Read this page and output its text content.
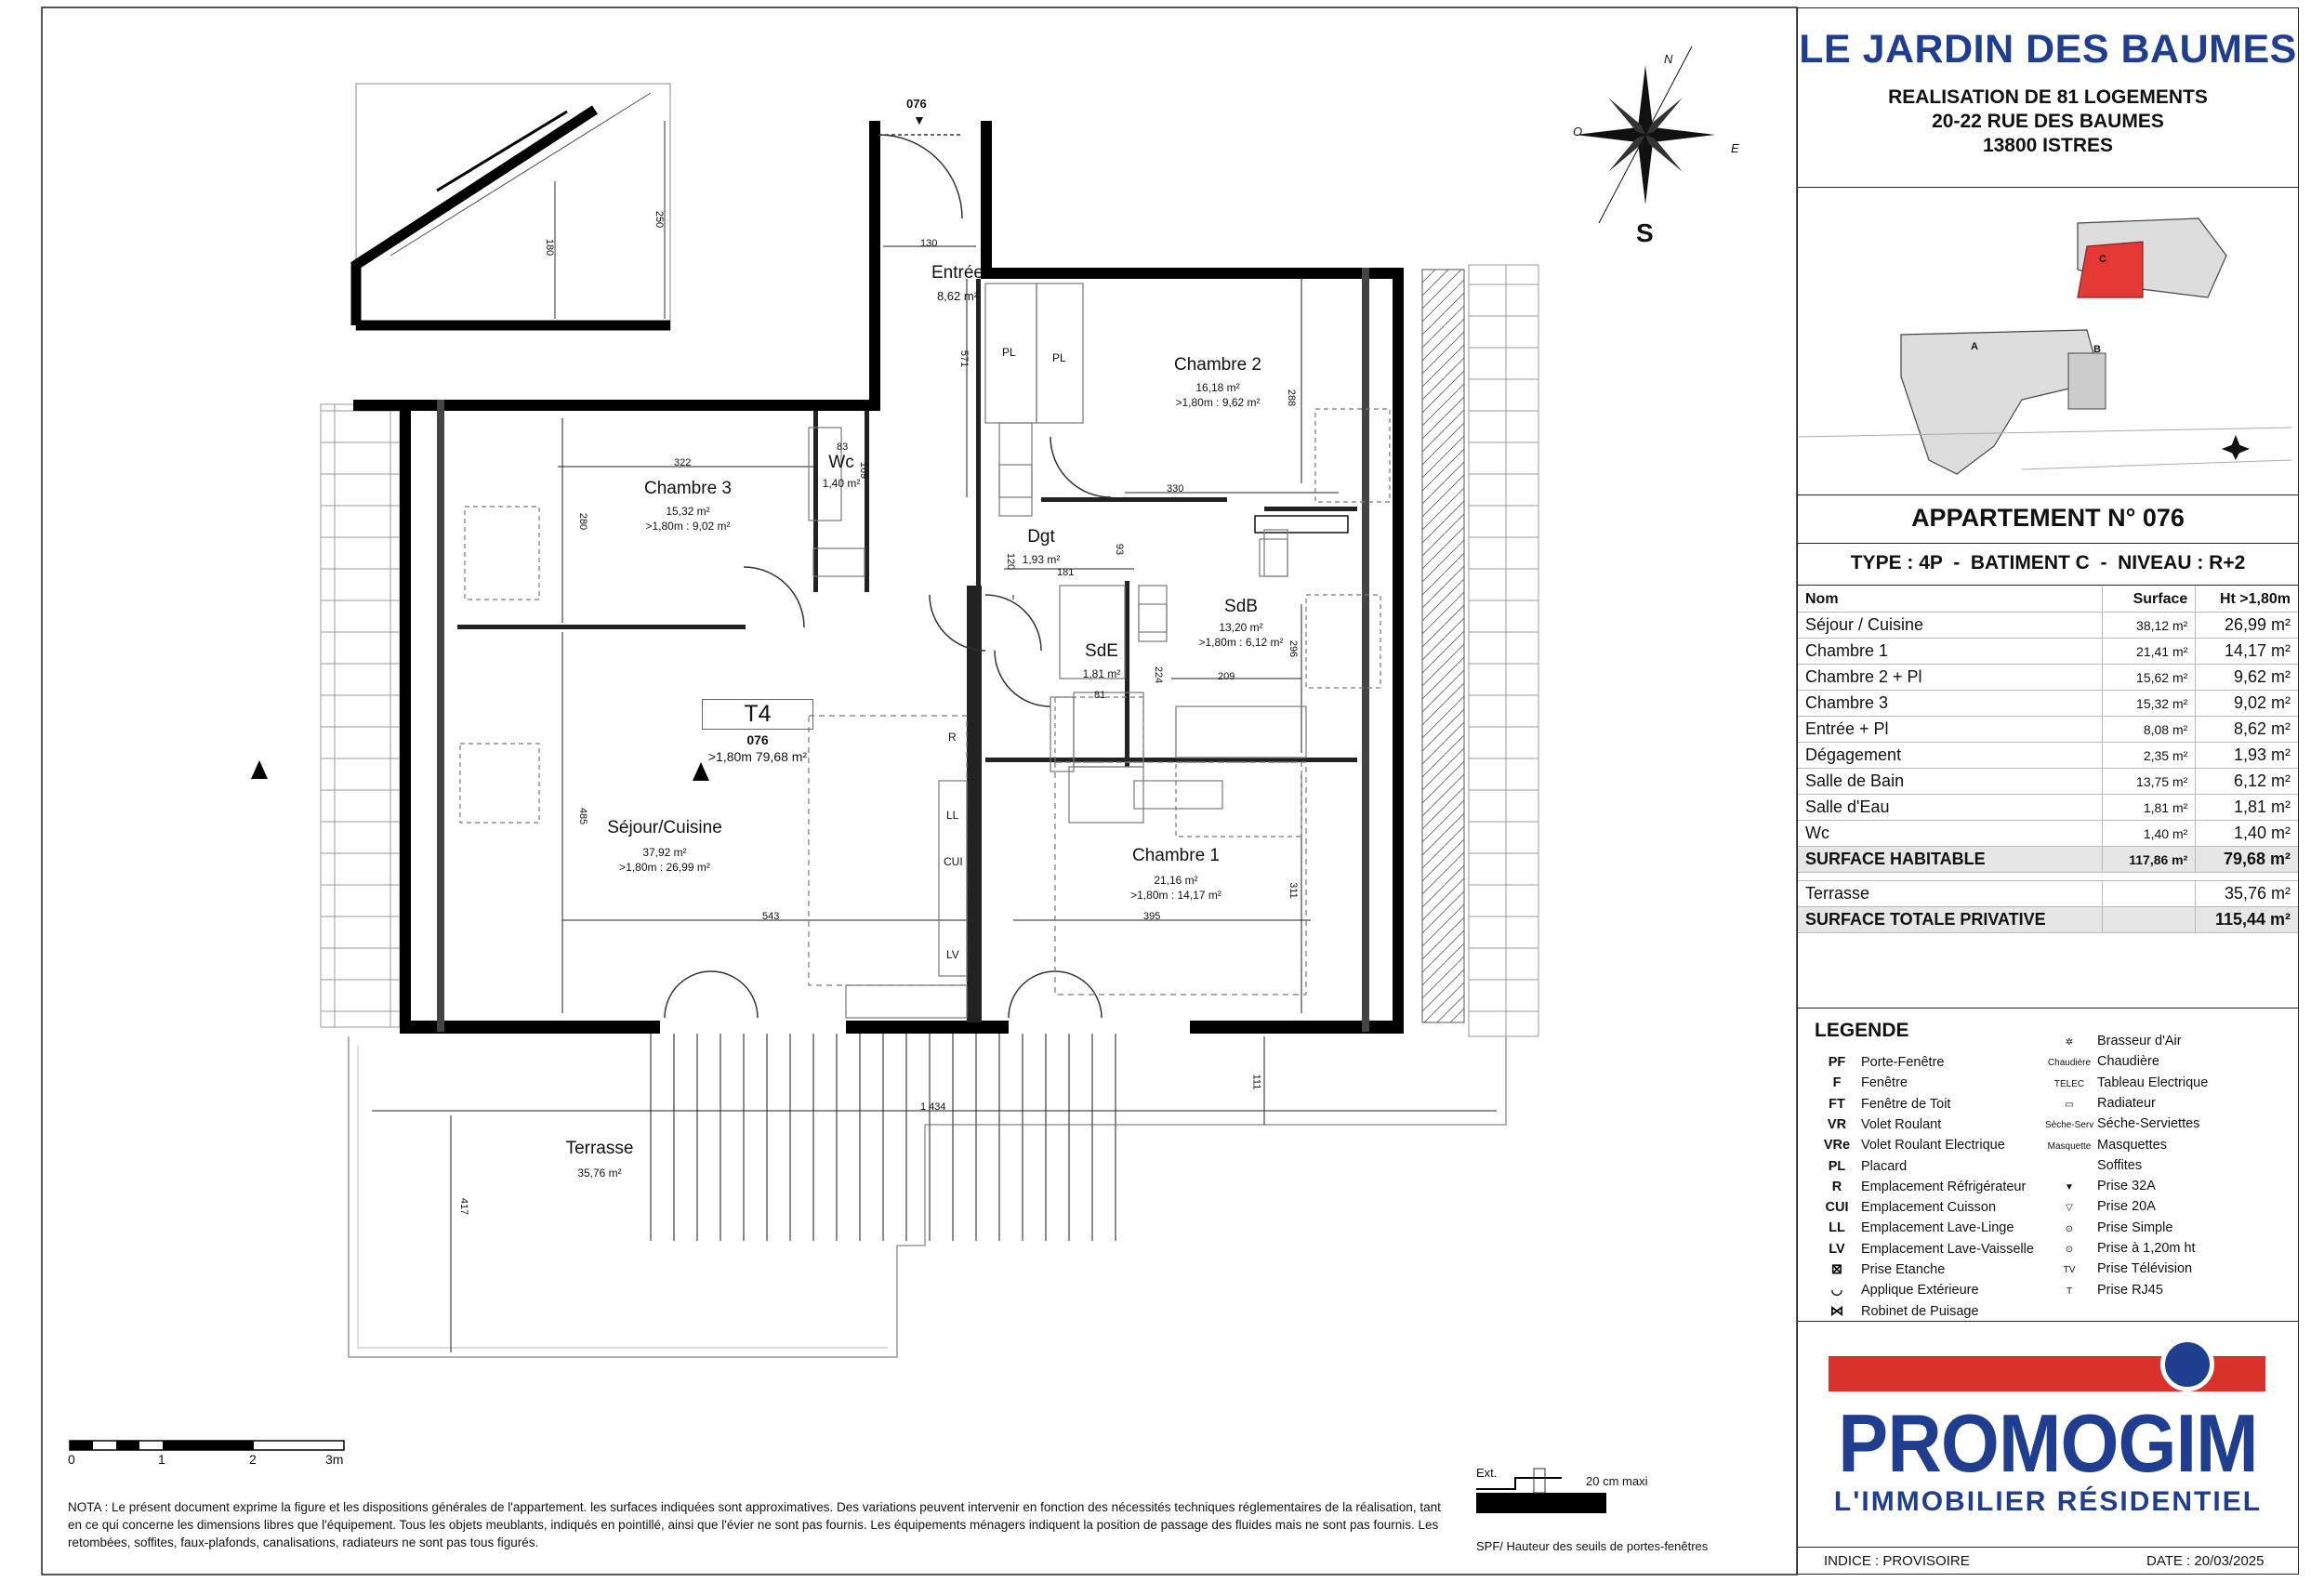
076
▼
Entrée
8,62 m²
Chambre 2
16,18 m²
>1,80m : 9,62 m²
Chambre 3
15,32 m²
>1,80m : 9,02 m²
Wc
1,40 m²
Dgt
1,93 m²
SdB
13,20 m²
>1,80m : 6,12 m²
SdE
1,81 m²
T4
076
>1,80m 79,68 m²
Séjour/Cuisine
37,92 m²
>1,80m : 26,99 m²
Chambre 1
21,16 m²
>1,80m : 14,17 m²
Terrasse
35,76 m²
130
571
322
83
280
169
288
330
181
120
93
81
209
296
224
485
543	395
311
111
1 434
417
180
250
PL	PL
R
LL
CUI
LV
N
E
O
S
0	1	2	3m
Ext.
20 cm maxi
SPF/ Hauteur des seuils de portes-fenêtres
A	B
C
NOTA : Le présent document exprime la figure et les dispositions générales de l'appartement. les surfaces indiquées sont approximatives. Des variations peuvent intervenir en fonction des nécessités techniques réglementaires de la réalisation, tant en ce qui concerne les dimensions libres que l'équipement. Tous les objets meublants, indiqués en pointillé, ainsi que l'évier ne sont pas fournis. Les équipements ménagers indiquent la position de passage des fluides mais ne sont pas fournis. Les retombées, soffites, faux-plafonds, canalisations, radiateurs ne sont pas tous figurés.
LE JARDIN DES BAUMES
REALISATION DE 81 LOGEMENTS
20-22 RUE DES BAUMES
13800 ISTRES
APPARTEMENT N° 076
TYPE : 4P  -  BATIMENT C  -  NIVEAU : R+2
Nom	Surface	Ht >1,80m
Séjour / Cuisine	38,12 m²	26,99 m²
Chambre 1	21,41 m²	14,17 m²
Chambre 2 + Pl	15,62 m²	9,62 m²
Chambre 3	15,32 m²	9,02 m²
Entrée + Pl	8,08 m²	8,62 m²
Dégagement	2,35 m²	1,93 m²
Salle de Bain	13,75 m²	6,12 m²
Salle d'Eau	1,81 m²	1,81 m²
Wc	1,40 m²	1,40 m²
SURFACE HABITABLE	117,86 m²	79,68 m²

Terrasse		35,76 m²
SURFACE TOTALE PRIVATIVE		115,44 m²
LEGENDE
PF Porte-Fenêtre
F Fenêtre
FT Fenêtre de Toit
VR Volet Roulant
VRe Volet Roulant Electrique
PL Placard
R Emplacement Réfrigérateur
CUI Emplacement Cuisson
LL Emplacement Lave-Linge
LV Emplacement Lave-Vaisselle
⊠ Prise Etanche
◡ Applique Extérieure
⋈ Robinet de Puisage
✲ Brasseur d'Air
Chaudière Chaudière
TELEC Tableau Electrique
▭ Radiateur
Sèche-Serv Séche-Serviettes
Masquette Masquettes
Soffites
▼ Prise 32A
▽ Prise 20A
⊙ Prise Simple
⊙ Prise à 1,20m ht
TV Prise Télévision
T Prise RJ45
PROMOGIM
L'IMMOBILIER RÉSIDENTIEL
INDICE : PROVISOIRE	DATE : 20/03/2025
